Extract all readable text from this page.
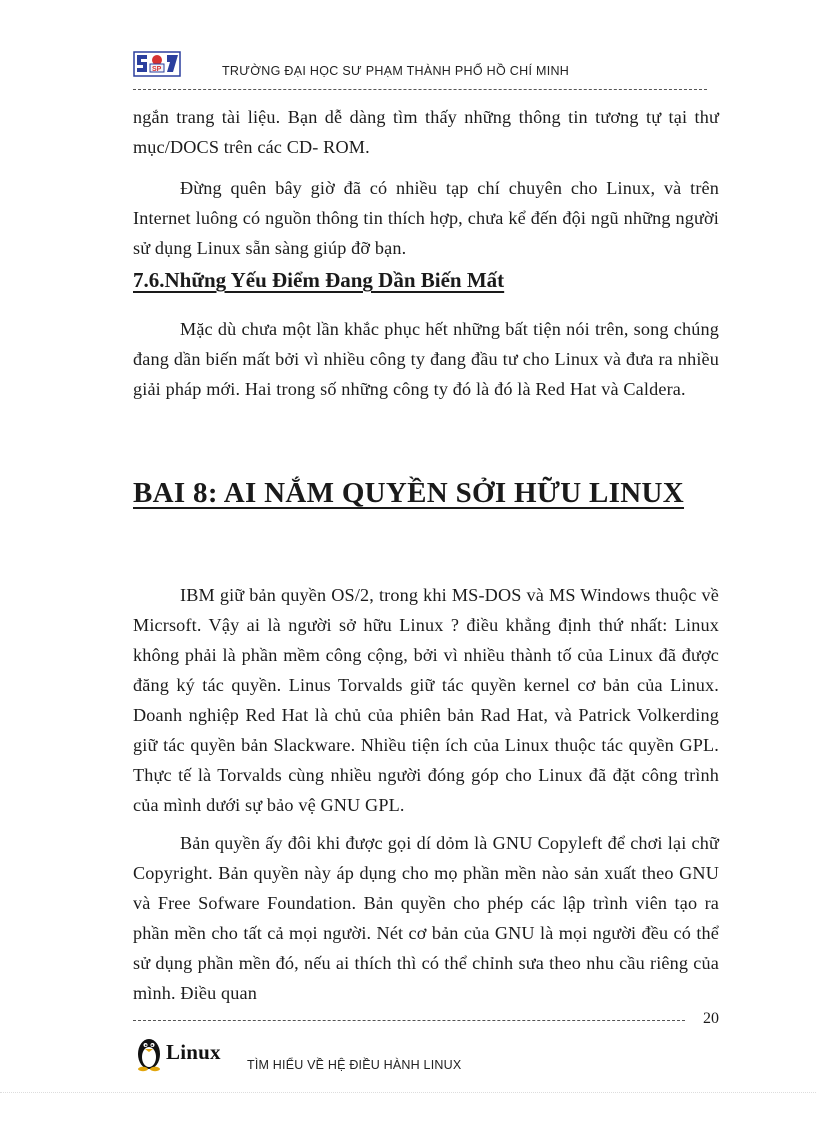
SP	TRƯỜNG ĐẠI HỌC SƯ PHẠM THÀNH PHỐ HỒ CHÍ MINH
ngắn trang tài liệu. Bạn dễ dàng tìm thấy những thông tin tương tự tại thư mục/DOCS trên các CD- ROM.
Đừng quên bây giờ đã có nhiều tạp chí chuyên cho Linux, và trên Internet luông có nguồn thông tin thích hợp, chưa kể đến đội ngũ những người sử dụng Linux sẵn sàng giúp đỡ bạn.
7.6.Những Yếu Điểm Đang Dần Biến Mất
Mặc dù chưa một lần khắc phục hết những bất tiện nói trên, song chúng đang dần biến mất bởi vì nhiều công ty đang đầu tư cho Linux và đưa ra nhiều giải pháp mới. Hai trong số những công ty đó là đó là Red Hat và Caldera.
BAI 8: AI NẮM QUYỀN SỞI HỮU LINUX
IBM giữ bản quyền OS/2, trong khi MS-DOS và MS Windows thuộc về Micrsoft. Vậy ai là người sở hữu Linux ? điều khẳng định thứ nhất: Linux không phải là phần mềm công cộng, bởi vì nhiều thành tố của Linux đã được đăng ký tác quyền. Linus Torvalds giữ tác quyền kernel cơ bản của Linux. Doanh nghiệp Red Hat là chủ của phiên bản Rad Hat, và Patrick Volkerding giữ tác quyền bản Slackware. Nhiều tiện ích của Linux thuộc tác quyền GPL. Thực tế là Torvalds cùng nhiều người đóng góp cho Linux đã đặt công trình của mình dưới sự bảo vệ GNU GPL.
Bản quyền ấy đôi khi được gọi dí dỏm là GNU Copyleft để chơi lại chữ Copyright. Bản quyền này áp dụng cho mọ phần mền nào sản xuất theo GNU và Free Sofware Foundation. Bản quyền cho phép các lập trình viên tạo ra phần mền cho tất cả mọi người. Nét cơ bản của GNU là mọi người đều có thể sử dụng phần mền đó, nếu ai thích thì có thể chỉnh sưa theo nhu cầu riêng của mình. Điều quan
20
Linux
TÌM HIỂU VỀ HỆ ĐIỀU HÀNH LINUX
